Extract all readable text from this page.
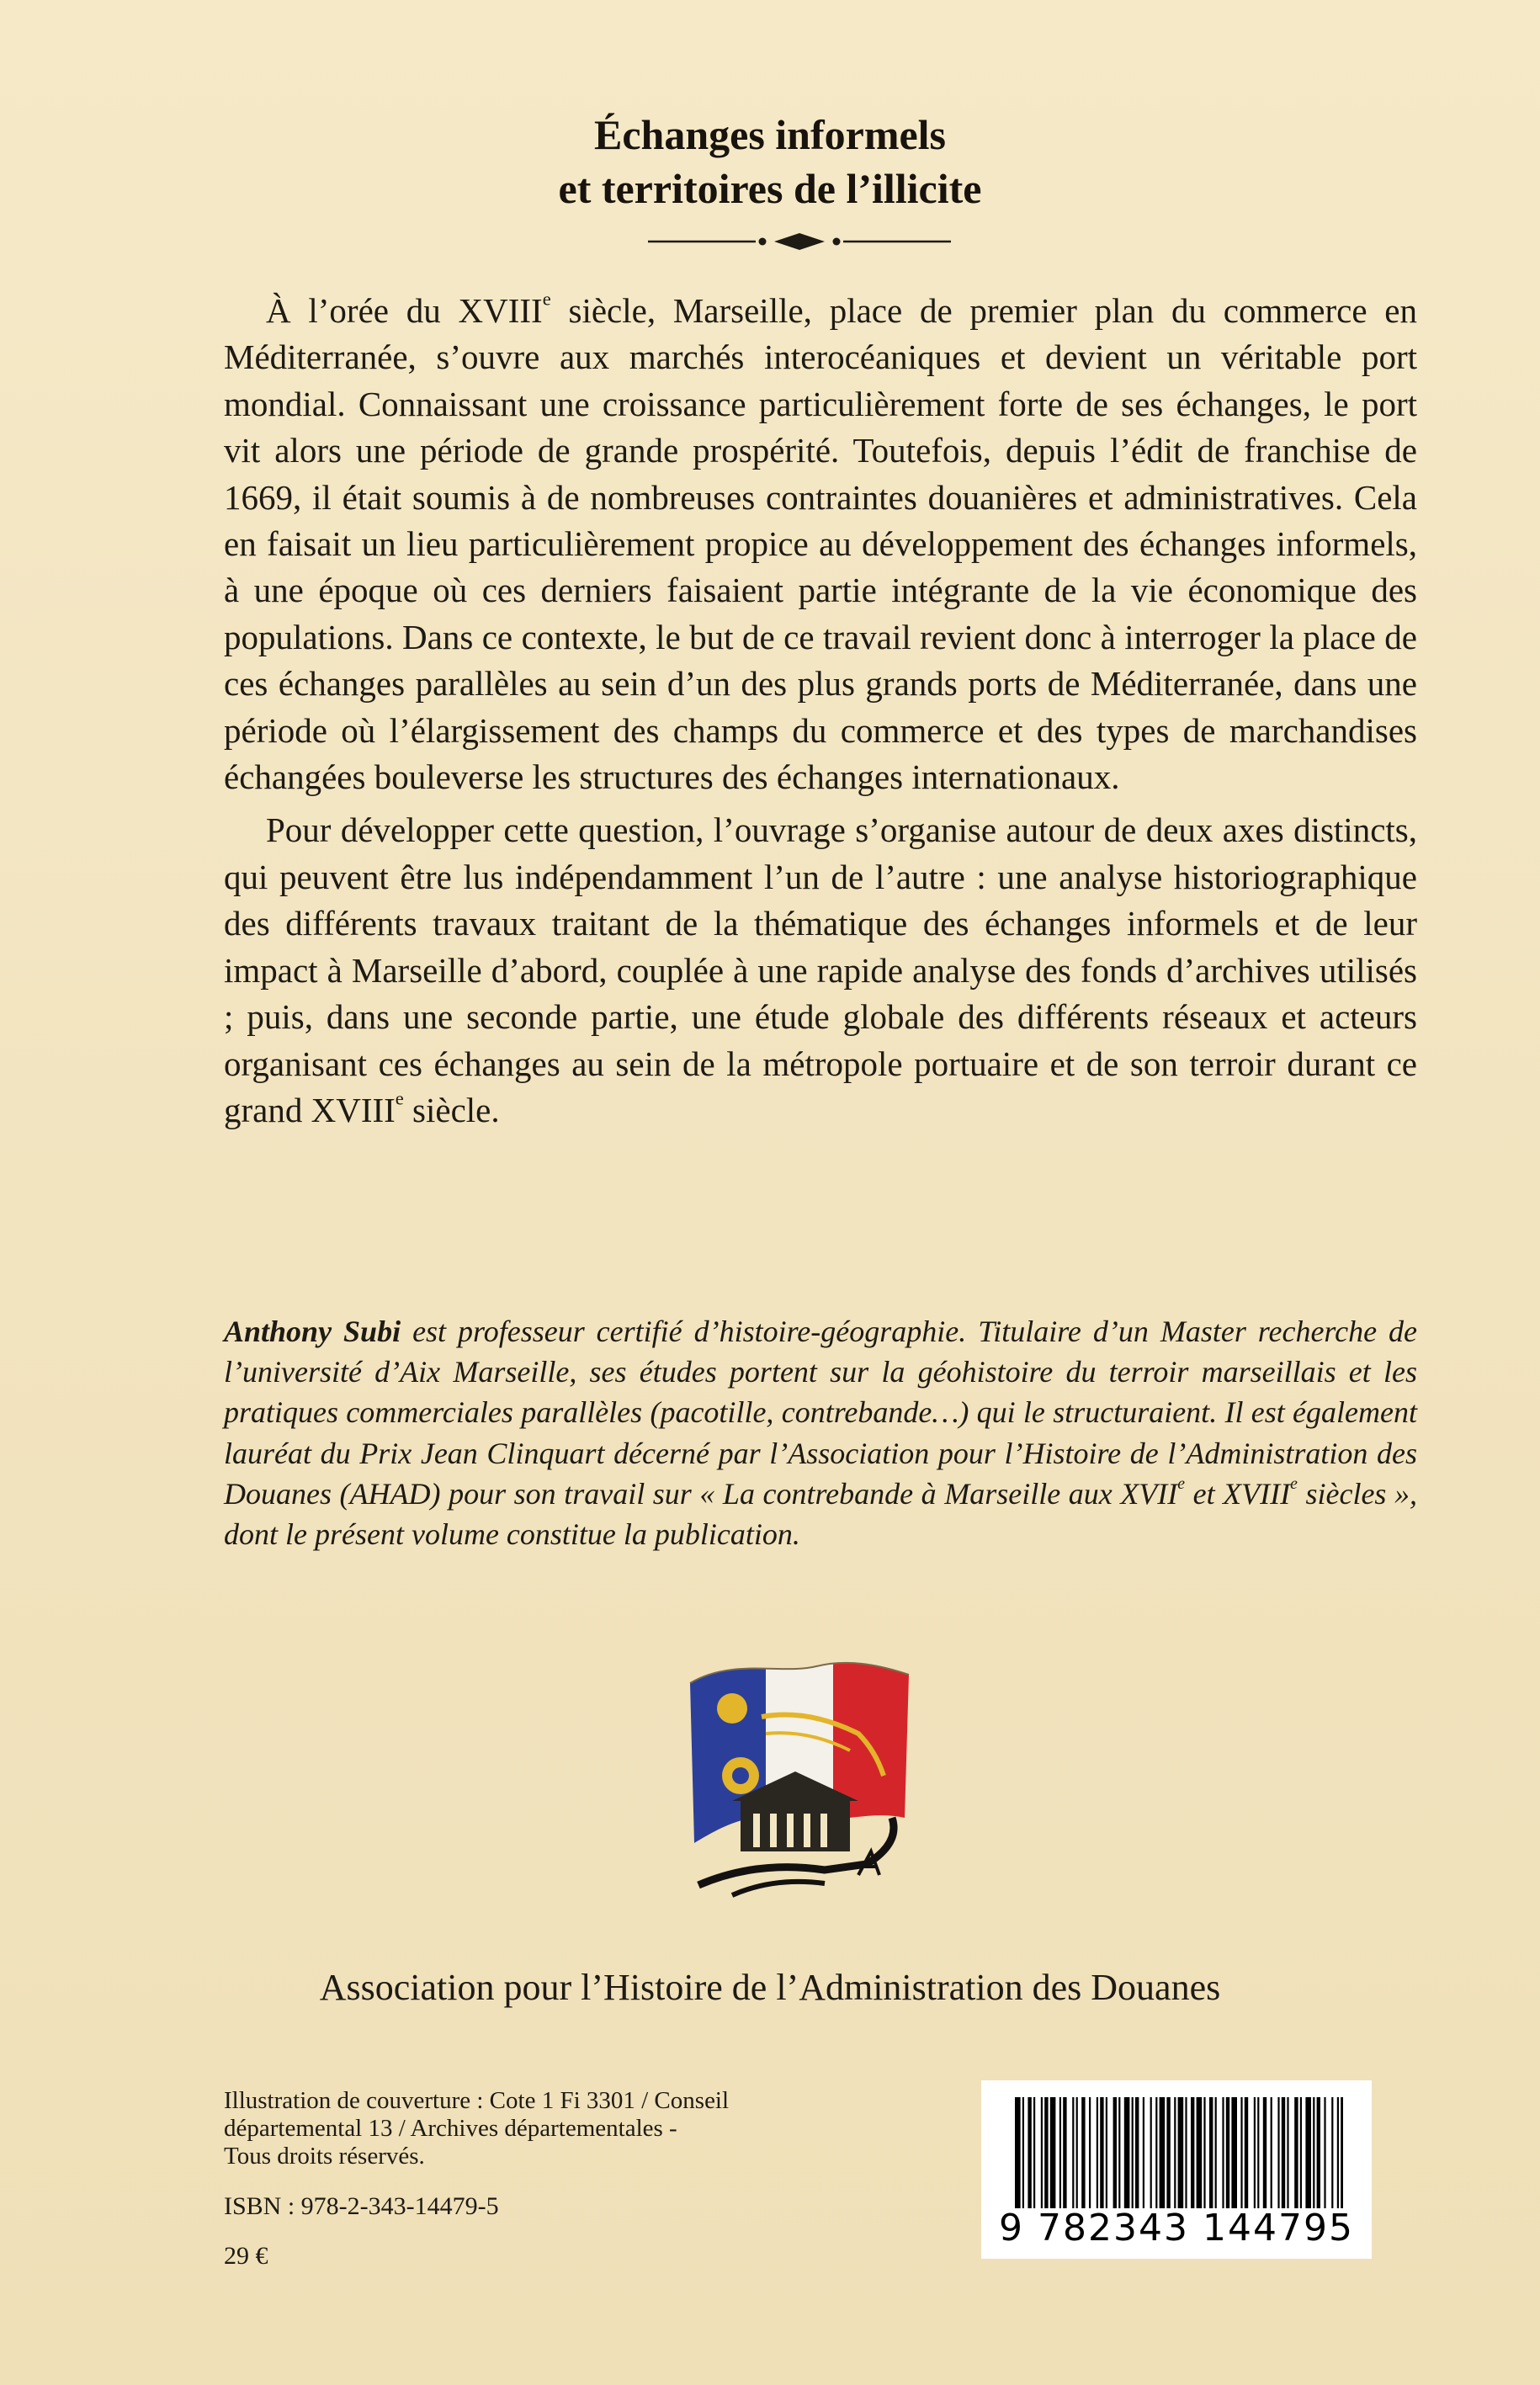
Échanges informels
et territoires de l’illicite

À l’orée du XVIIIe siècle, Marseille, place de premier plan du commerce en Méditerranée, s’ouvre aux marchés interocéaniques et devient un véritable port mondial. Connaissant une croissance particulièrement forte de ses échanges, le port vit alors une période de grande prospérité. Toutefois, depuis l’édit de franchise de 1669, il était soumis à de nombreuses contraintes douanières et administratives. Cela en faisait un lieu particulièrement propice au développement des échanges informels, à une époque où ces derniers faisaient partie intégrante de la vie économique des populations. Dans ce contexte, le but de ce travail revient donc à interroger la place de ces échanges parallèles au sein d’un des plus grands ports de Méditerranée, dans une période où l’élargissement des champs du commerce et des types de marchandises échangées bouleverse les structures des échanges internationaux.

Pour développer cette question, l’ouvrage s’organise autour de deux axes distincts, qui peuvent être lus indépendamment l’un de l’autre : une analyse historiographique des différents travaux traitant de la thématique des échanges informels et de leur impact à Marseille d’abord, couplée à une rapide analyse des fonds d’archives utilisés ; puis, dans une seconde partie, une étude globale des différents réseaux et acteurs organisant ces échanges au sein de la métropole portuaire et de son terroir durant ce grand XVIIIe siècle.

Anthony Subi est professeur certifié d’histoire-géographie. Titulaire d’un Master recherche de l’université d’Aix Marseille, ses études portent sur la géohistoire du terroir marseillais et les pratiques commerciales parallèles (pacotille, contrebande…) qui le structuraient. Il est également lauréat du Prix Jean Clinquart décerné par l’Association pour l’Histoire de l’Administration des Douanes (AHAD) pour son travail sur « La contrebande à Marseille aux XVIIe et XVIIIe siècles », dont le présent volume constitue la publication.

Association pour l’Histoire de l’Administration des Douanes

Illustration de couverture : Cote 1 Fi 3301 / Conseil

départemental 13 / Archives départementales -

Tous droits réservés.

ISBN : 978-2-343-14479-5
29 €
9 782343 144795
